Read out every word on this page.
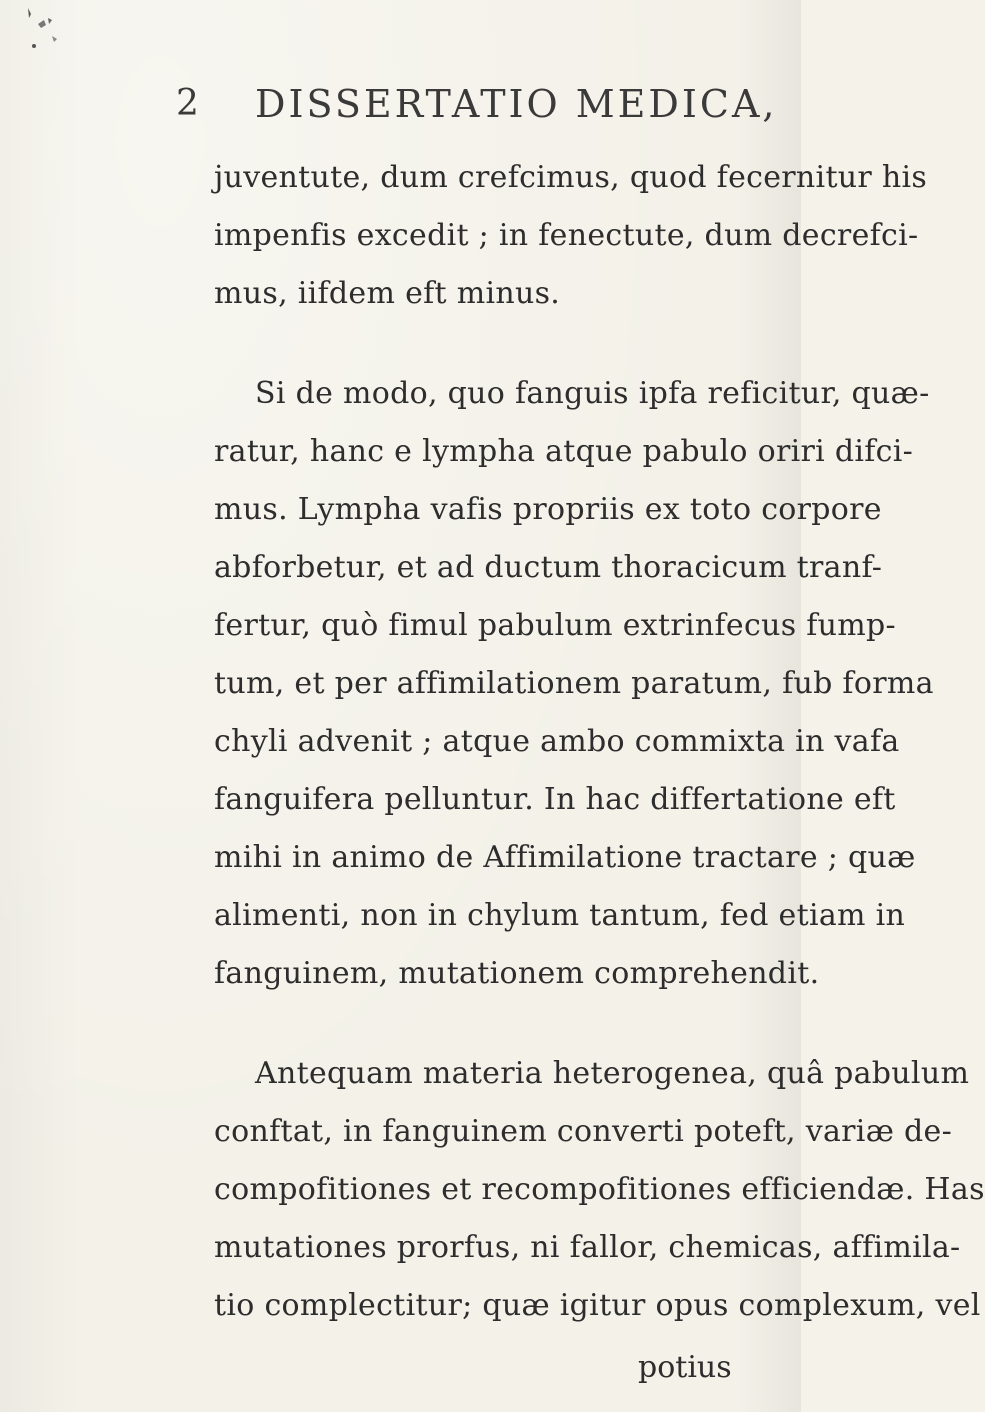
2 DISSERTATIO MEDICA,
juventute, dum crefcimus, quod fecernitur his
impenfis excedit ; in fenectute, dum decrefci-
mus, iifdem eft minus.
Si de modo, quo fanguis ipfa reficitur, quæ-
ratur, hanc e lympha atque pabulo oriri difci-
mus. Lympha vafis propriis ex toto corpore
abforbetur, et ad ductum thoracicum tranf-
fertur, quò fimul pabulum extrinfecus fump-
tum, et per affimilationem paratum, fub forma
chyli advenit ; atque ambo commixta in vafa
fanguifera pelluntur. In hac differtatione eft
mihi in animo de Affimilatione tractare ; quæ
alimenti, non in chylum tantum, fed etiam in
fanguinem, mutationem comprehendit.
Antequam materia heterogenea, quâ pabulum
conftat, in fanguinem converti poteft, variæ de-
compofitiones et recompofitiones efficiendæ. Has
mutationes prorfus, ni fallor, chemicas, affimila-
tio complectitur; quæ igitur opus complexum, vel
potius
